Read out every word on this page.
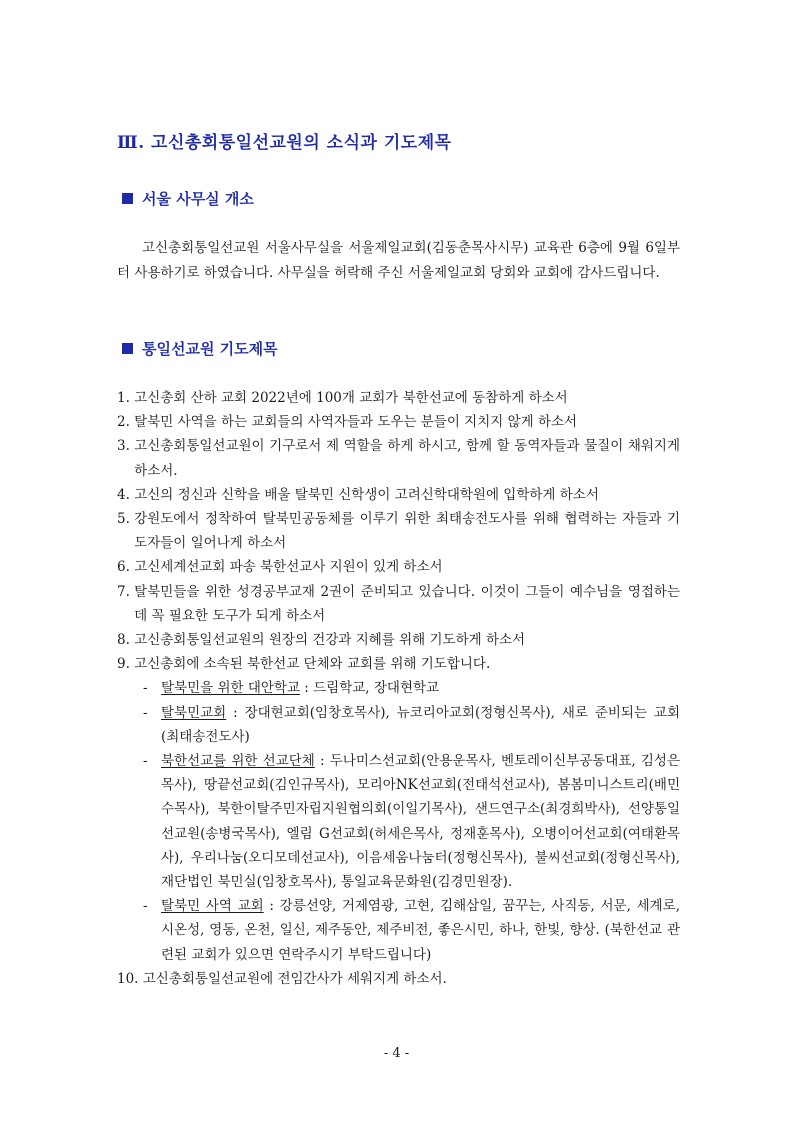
Ⅲ. 고신총회통일선교원의 소식과 기도제목
서울 사무실 개소
고신총회통일선교원 서울사무실을 서울제일교회(김동춘목사시무) 교육관 6층에 9월 6일부터 사용하기로 하였습니다. 사무실을 허락해 주신 서울제일교회 당회와 교회에 감사드립니다.
통일선교원 기도제목
1. 고신총회 산하 교회 2022년에 100개 교회가 북한선교에 동참하게 하소서
2. 탈북민 사역을 하는 교회들의 사역자들과 도우는 분들이 지치지 않게 하소서
3. 고신총회통일선교원이 기구로서 제 역할을 하게 하시고, 함께 할 동역자들과 물질이 채워지게 하소서.
4. 고신의 정신과 신학을 배울 탈북민 신학생이 고려신학대학원에 입학하게 하소서
5. 강원도에서 정착하여 탈북민공동체를 이루기 위한 최태송전도사를 위해 협력하는 자들과 기도자들이 일어나게 하소서
6. 고신세계선교회 파송 북한선교사 지원이 있게 하소서
7. 탈북민들을 위한 성경공부교재 2권이 준비되고 있습니다. 이것이 그들이 예수님을 영접하는 데 꼭 필요한 도구가 되게 하소서
8. 고신총회통일선교원의 원장의 건강과 지혜를 위해 기도하게 하소서
9. 고신총회에 소속된 북한선교 단체와 교회를 위해 기도합니다.
- 탈북민을 위한 대안학교 : 드림학교, 장대현학교
- 탈북민교회 : 장대현교회(임창호목사), 뉴코리아교회(정형신목사), 새로 준비되는 교회(최태송전도사)
- 북한선교를 위한 선교단체 : 두나미스선교회(안용운목사, 벤토레이신부공동대표, 김성은목사), 땅끝선교회(김인규목사), 모리아NK선교회(전태석선교사), 봄봄미니스트리(배민수목사), 북한이탈주민자립지원협의회(이일기목사), 샌드연구소(최경희박사), 선양통일선교원(송병국목사), 엘림 G선교회(허세은목사, 정재훈목사), 오병이어선교회(여태환목사), 우리나눔(오디모데선교사), 이음세움나눔터(정형신목사), 불씨선교회(정형신목사), 재단법인 북민실(임창호목사), 통일교육문화원(김경민원장).
- 탈북민 사역 교회 : 강릉선양, 거제염광, 고현, 김해삼일, 꿈꾸는, 사직동, 서문, 세계로, 시온성, 영동, 온천, 일신, 제주동안, 제주비전, 좋은시민, 하나, 한빛, 향상. (북한선교 관련된 교회가 있으면 연락주시기 부탁드립니다)
10. 고신총회통일선교원에 전임간사가 세워지게 하소서.
- 4 -
